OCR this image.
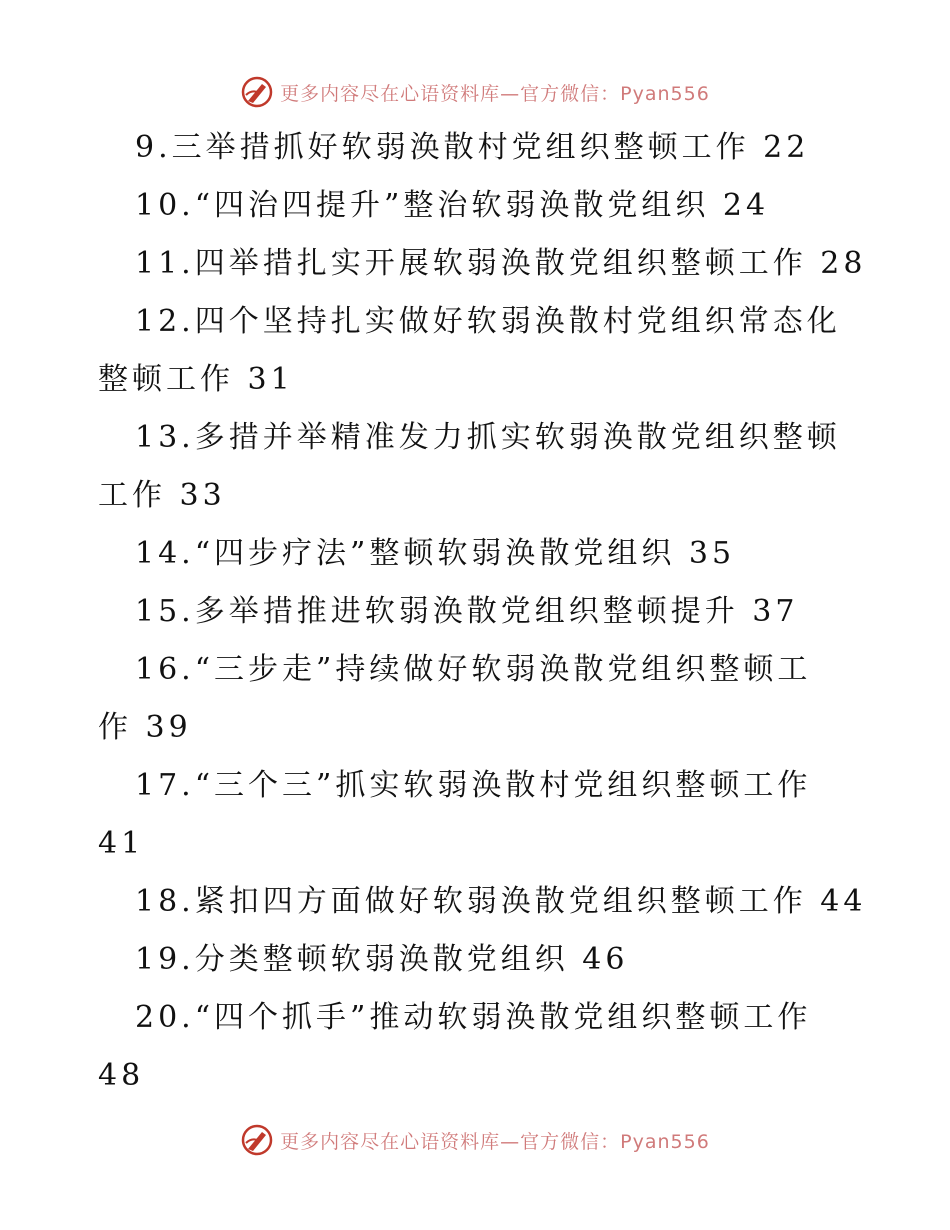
更多内容尽在心语资料库—官方微信：Pyan556
9.三举措抓好软弱涣散村党组织整顿工作 22
10.“四治四提升”整治软弱涣散党组织 24
11.四举措扎实开展软弱涣散党组织整顿工作 28
12.四个坚持扎实做好软弱涣散村党组织常态化
整顿工作 31
13.多措并举精准发力抓实软弱涣散党组织整顿
工作 33
14.“四步疗法”整顿软弱涣散党组织 35
15.多举措推进软弱涣散党组织整顿提升 37
16.“三步走”持续做好软弱涣散党组织整顿工
作 39
17.“三个三”抓实软弱涣散村党组织整顿工作
41
18.紧扣四方面做好软弱涣散党组织整顿工作 44
19.分类整顿软弱涣散党组织 46
20.“四个抓手”推动软弱涣散党组织整顿工作
48
更多内容尽在心语资料库—官方微信：Pyan556
